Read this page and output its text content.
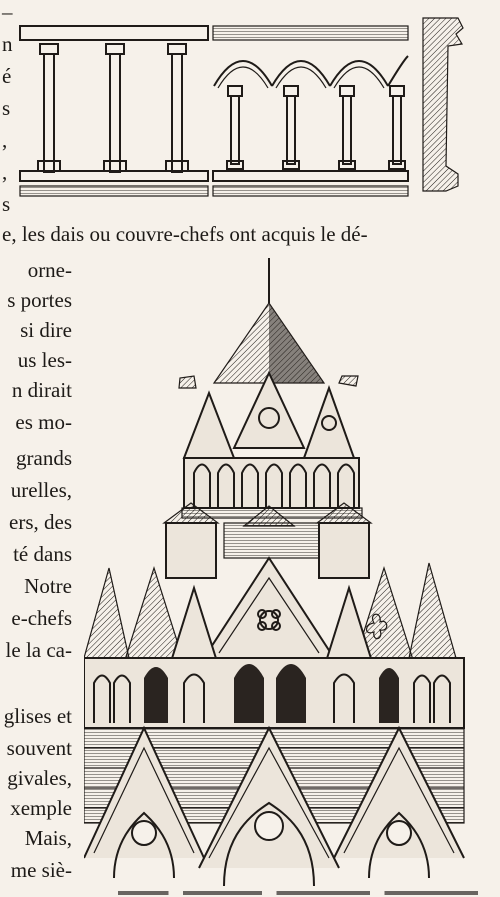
–
n
é
s
,
,
s
e, les dais ou couvre-chefs ont acquis le dé-
orne-
s portes
si dire
us les-
n dirait
es mo-
grands
urelles,
ers, des
té dans
Notre
e-chefs
le la ca-
glises et
souvent
givales,
xemple
Mais,
me siè-
